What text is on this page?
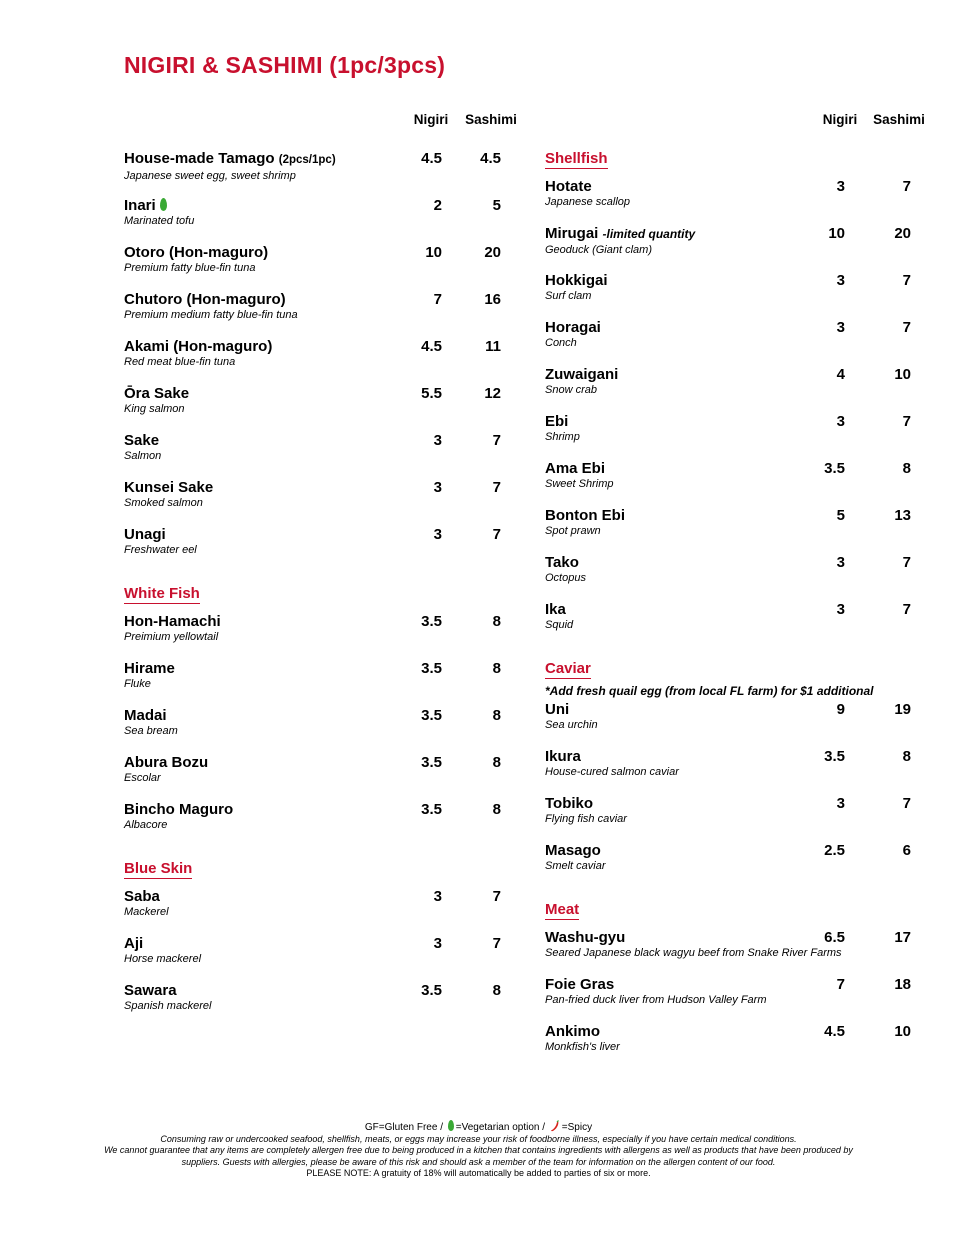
NIGIRI & SASHIMI (1pc/3pcs)
Nigiri	Sashimi
House-made Tamago (2pcs/1pc)
Japanese sweet egg, sweet shrimp
4.5	4.5
Inari
Marinated tofu
2	5
Otoro (Hon-maguro)
Premium fatty blue-fin tuna
10	20
Chutoro (Hon-maguro)
Premium medium fatty blue-fin tuna
7	16
Akami (Hon-maguro)
Red meat blue-fin tuna
4.5	11
Ōra Sake
King salmon
5.5	12
Sake
Salmon
3	7
Kunsei Sake
Smoked salmon
3	7
Unagi
Freshwater eel
3	7
White Fish
Hon-Hamachi
Preimium yellowtail
3.5	8
Hirame
Fluke
3.5	8
Madai
Sea bream
3.5	8
Abura Bozu
Escolar
3.5	8
Bincho Maguro
Albacore
3.5	8
Blue Skin
Saba
Mackerel
3	7
Aji
Horse mackerel
3	7
Sawara
Spanish mackerel
3.5	8
Nigiri	Sashimi
Shellfish
Hotate
Japanese scallop
3	7
Mirugai -limited quantity
Geoduck (Giant clam)
10	20
Hokkigai
Surf clam
3	7
Horagai
Conch
3	7
Zuwaigani
Snow crab
4	10
Ebi
Shrimp
3	7
Ama Ebi
Sweet Shrimp
3.5	8
Bonton Ebi
Spot prawn
5	13
Tako
Octopus
3	7
Ika
Squid
3	7
Caviar
*Add fresh quail egg (from local FL farm) for $1 additional
Uni
Sea urchin
9	19
Ikura
House-cured salmon caviar
3.5	8
Tobiko
Flying fish caviar
3	7
Masago
Smelt caviar
2.5	6
Meat
Washu-gyu
Seared Japanese black wagyu beef from Snake River Farms
6.5	17
Foie Gras
Pan-fried duck liver from Hudson Valley Farm
7	18
Ankimo
Monkfish's liver
4.5	10
GF=Gluten Free / =Vegetarian option / =Spicy
Consuming raw or undercooked seafood, shellfish, meats, or eggs may increase your risk of foodborne illness, especially if you have certain medical conditions.
We cannot guarantee that any items are completely allergen free due to being produced in a kitchen that contains ingredients with allergens as well as products that have been produced by suppliers. Guests with allergies, please be aware of this risk and should ask a member of the team for information on the allergen content of our food.
PLEASE NOTE: A gratuity of 18% will automatically be added to parties of six or more.
